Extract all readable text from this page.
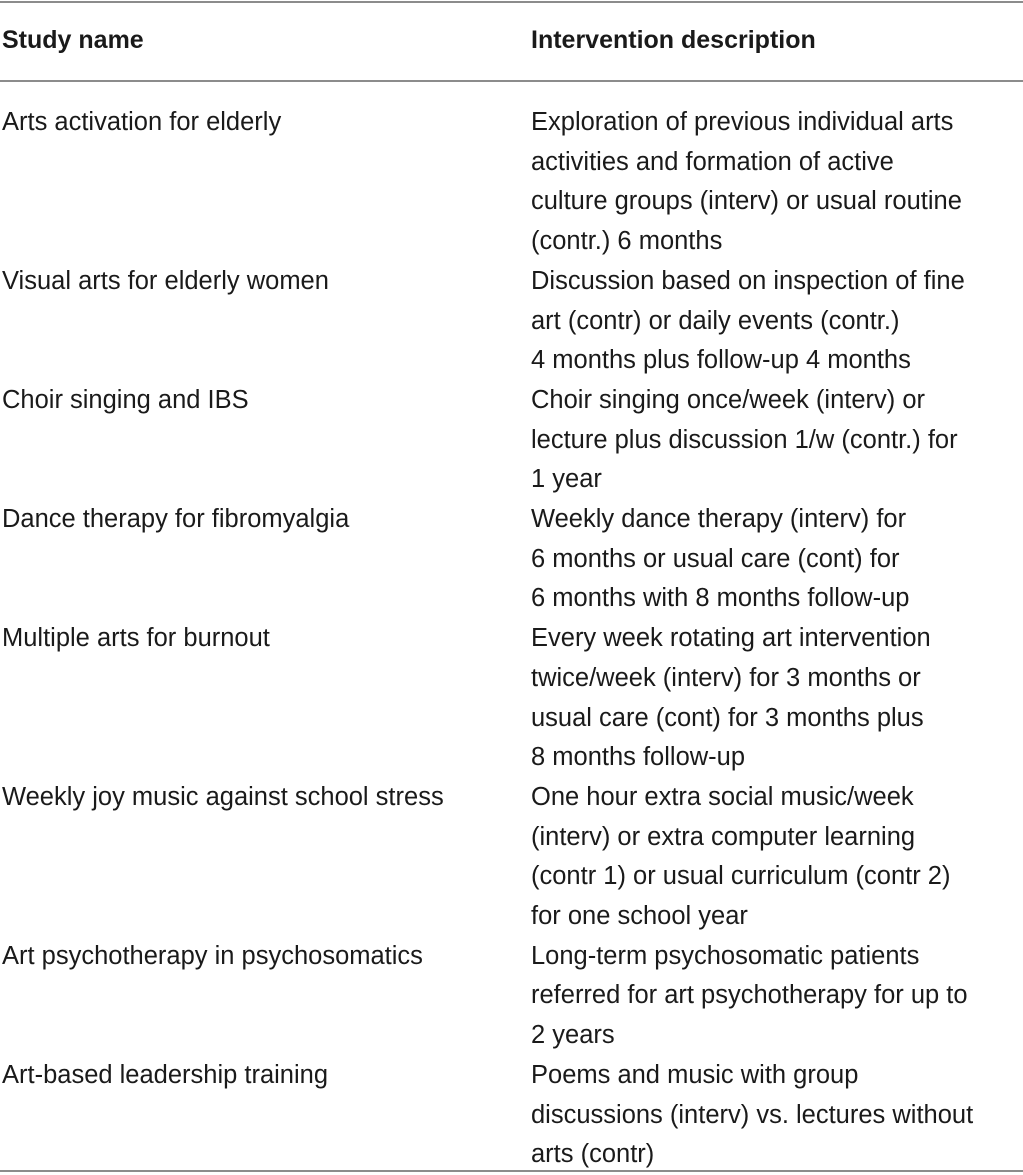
Study name	Intervention description
Arts activation for elderly	Exploration of previous individual arts
activities and formation of active
culture groups (interv) or usual routine
(contr.) 6 months
Visual arts for elderly women	Discussion based on inspection of fine
art (contr) or daily events (contr.)
4 months plus follow-up 4 months
Choir singing and IBS	Choir singing once/week (interv) or
lecture plus discussion 1/w (contr.) for
1 year
Dance therapy for fibromyalgia	Weekly dance therapy (interv) for
6 months or usual care (cont) for
6 months with 8 months follow-up
Multiple arts for burnout	Every week rotating art intervention
twice/week (interv) for 3 months or
usual care (cont) for 3 months plus
8 months follow-up
Weekly joy music against school stress	One hour extra social music/week
(interv) or extra computer learning
(contr 1) or usual curriculum (contr 2)
for one school year
Art psychotherapy in psychosomatics	Long-term psychosomatic patients
referred for art psychotherapy for up to
2 years
Art-based leadership training	Poems and music with group
discussions (interv) vs. lectures without
arts (contr)
